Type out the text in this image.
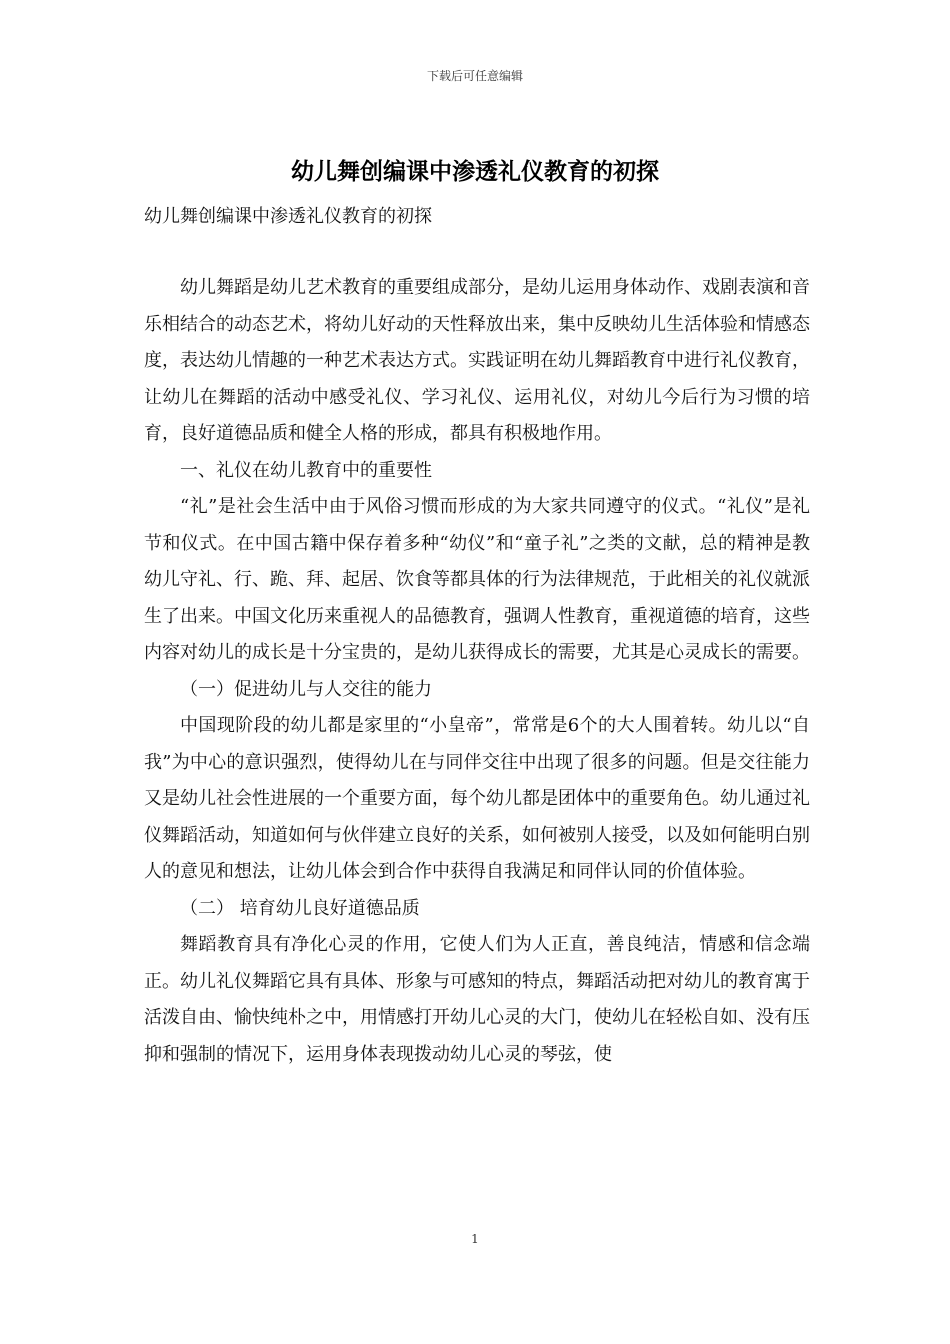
下载后可任意编辑
幼儿舞创编课中渗透礼仪教育的初探
幼儿舞创编课中渗透礼仪教育的初探

幼儿舞蹈是幼儿艺术教育的重要组成部分，是幼儿运用身体动作、戏剧表演和音乐相结合的动态艺术，将幼儿好动的天性释放出来，集中反映幼儿生活体验和情感态度，表达幼儿情趣的一种艺术表达方式。实践证明在幼儿舞蹈教育中进行礼仪教育，让幼儿在舞蹈的活动中感受礼仪、学习礼仪、运用礼仪，对幼儿今后行为习惯的培育，良好道德品质和健全人格的形成，都具有积极地作用。

一、礼仪在幼儿教育中的重要性

“礼”是社会生活中由于风俗习惯而形成的为大家共同遵守的仪式。“礼仪”是礼节和仪式。在中国古籍中保存着多种“幼仪”和“童子礼”之类的文献，总的精神是教幼儿守礼、行、跪、拜、起居、饮食等都具体的行为法律规范，于此相关的礼仪就派生了出来。中国文化历来重视人的品德教育，强调人性教育，重视道德的培育，这些内容对幼儿的成长是十分宝贵的，是幼儿获得成长的需要，尤其是心灵成长的需要。

（一）促进幼儿与人交往的能力

中国现阶段的幼儿都是家里的“小皇帝”，常常是6个的大人围着转。幼儿以“自我”为中心的意识强烈，使得幼儿在与同伴交往中出现了很多的问题。但是交往能力又是幼儿社会性进展的一个重要方面，每个幼儿都是团体中的重要角色。幼儿通过礼仪舞蹈活动，知道如何与伙伴建立良好的关系，如何被别人接受，以及如何能明白别人的意见和想法，让幼儿体会到合作中获得自我满足和同伴认同的价值体验。

（二） 培育幼儿良好道德品质

舞蹈教育具有净化心灵的作用，它使人们为人正直，善良纯洁，情感和信念端正。幼儿礼仪舞蹈它具有具体、形象与可感知的特点，舞蹈活动把对幼儿的教育寓于活泼自由、愉快纯朴之中，用情感打开幼儿心灵的大门，使幼儿在轻松自如、没有压抑和强制的情况下，运用身体表现拨动幼儿心灵的琴弦，使

1
